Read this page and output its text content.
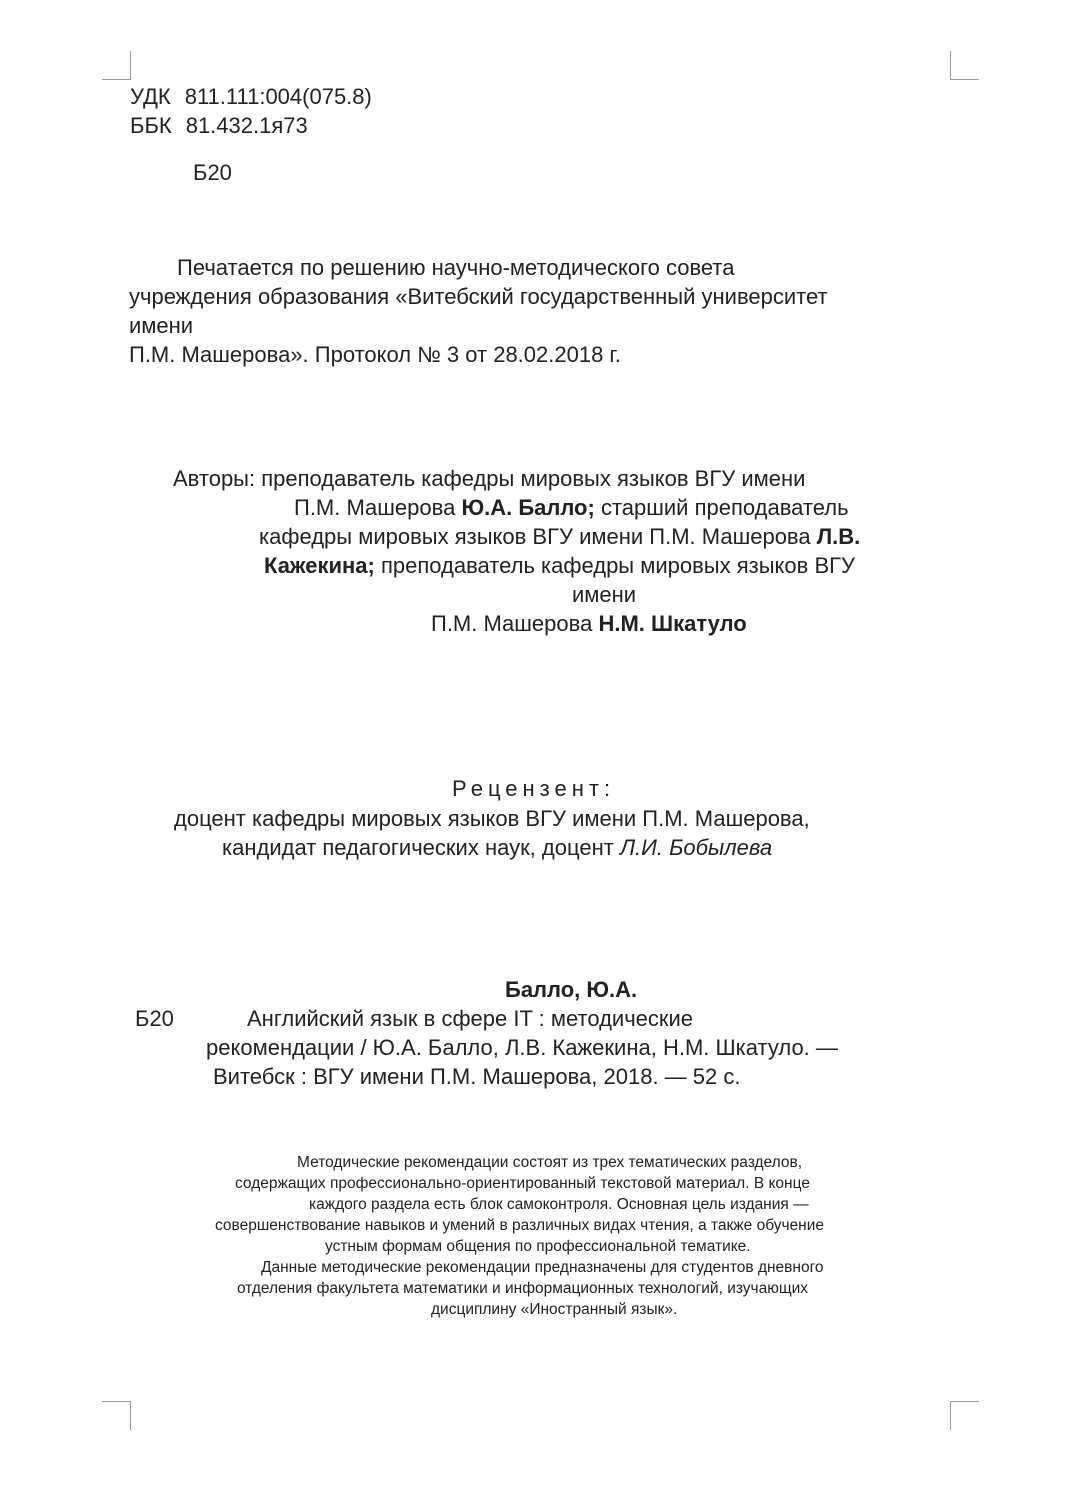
УДК 811.111:004(075.8)
ББК 81.432.1я73
Б20
Печатается по решению научно-методического совета
учреждения образования «Витебский государственный университет
имени
П.М. Машерова». Протокол № 3 от 28.02.2018 г.
Авторы: преподаватель кафедры мировых языков ВГУ имени
П.М. Машерова Ю.А. Балло; старший преподаватель
кафедры мировых языков ВГУ имени П.М. Машерова Л.В.
Кажекина; преподаватель кафедры мировых языков ВГУ
имени
П.М. Машерова Н.М. Шкатуло
Рецензент:
доцент кафедры мировых языков ВГУ имени П.М. Машерова,
кандидат педагогических наук, доцент Л.И. Бобылева
Балло, Ю.А.
Б20	Английский язык в сфере IT : методические
рекомендации / Ю.А. Балло, Л.В. Кажекина, Н.М. Шкатуло. —
Витебск : ВГУ имени П.М. Машерова, 2018. — 52 с.
Методические рекомендации состоят из трех тематических разделов,
содержащих профессионально-ориентированный текстовой материал. В конце
каждого раздела есть блок самоконтроля. Основная цель издания —
совершенствование навыков и умений в различных видах чтения, а также обучение
устным формам общения по профессиональной тематике.
Данные методические рекомендации предназначены для студентов дневного
отделения факультета математики и информационных технологий, изучающих
дисциплину «Иностранный язык».
